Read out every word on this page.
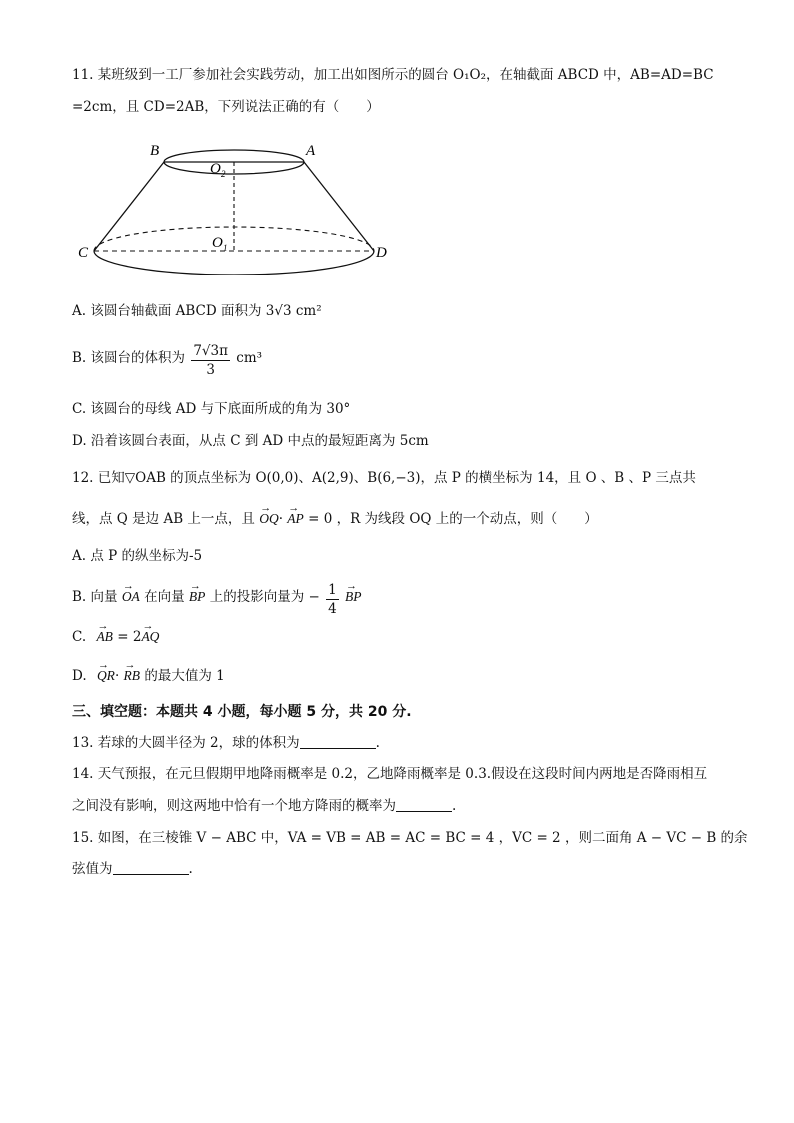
11. 某班级到一工厂参加社会实践劳动，加工出如图所示的圆台 O₁O₂，在轴截面 ABCD 中，AB=AD=BC
=2cm，且 CD=2AB，下列说法正确的有（　　）
B	A
C	D
O 2
O 1
A. 该圆台轴截面 ABCD 面积为 3√3 cm²
B. 该圆台的体积为 $\frac{7√3\pi}{3} cm^3$
C. 该圆台的母线 AD 与下底面所成的角为 30°
D. 沿着该圆台表面，从点 C 到 AD 中点的最短距离为 5cm
12. 已知▽OAB 的顶点坐标为 O(0,0)、A(2,9)、B(6,−3)，点 P 的横坐标为 14，且 O 、B 、P 三点共
线，点 Q 是边 AB 上一点，且 → OQ· → AP = 0 ，R 为线段 OQ 上的一个动点，则（　　）
A. 点 P 的纵坐标为-5
B. 向量 → OA 在向量 → BP 上的投影向量为 − $\frac{1}{4}$ → BP
C. → AB = 2→ AQ
D. → QR· → RB 的最大值为 1
三、填空题：本题共 4 小题，每小题 5 分，共 20 分.
13. 若球的大圆半径为 2，球的体积为	.
14. 天气预报，在元旦假期甲地降雨概率是 0.2，乙地降雨概率是 0.3.假设在这段时间内两地是否降雨相互
之间没有影响，则这两地中恰有一个地方降雨的概率为	.
15. 如图，在三棱锥 V − ABC 中，VA = VB = AB = AC = BC = 4 ，VC = 2 ，则二面角 A − VC − B 的余
弦值为	.
